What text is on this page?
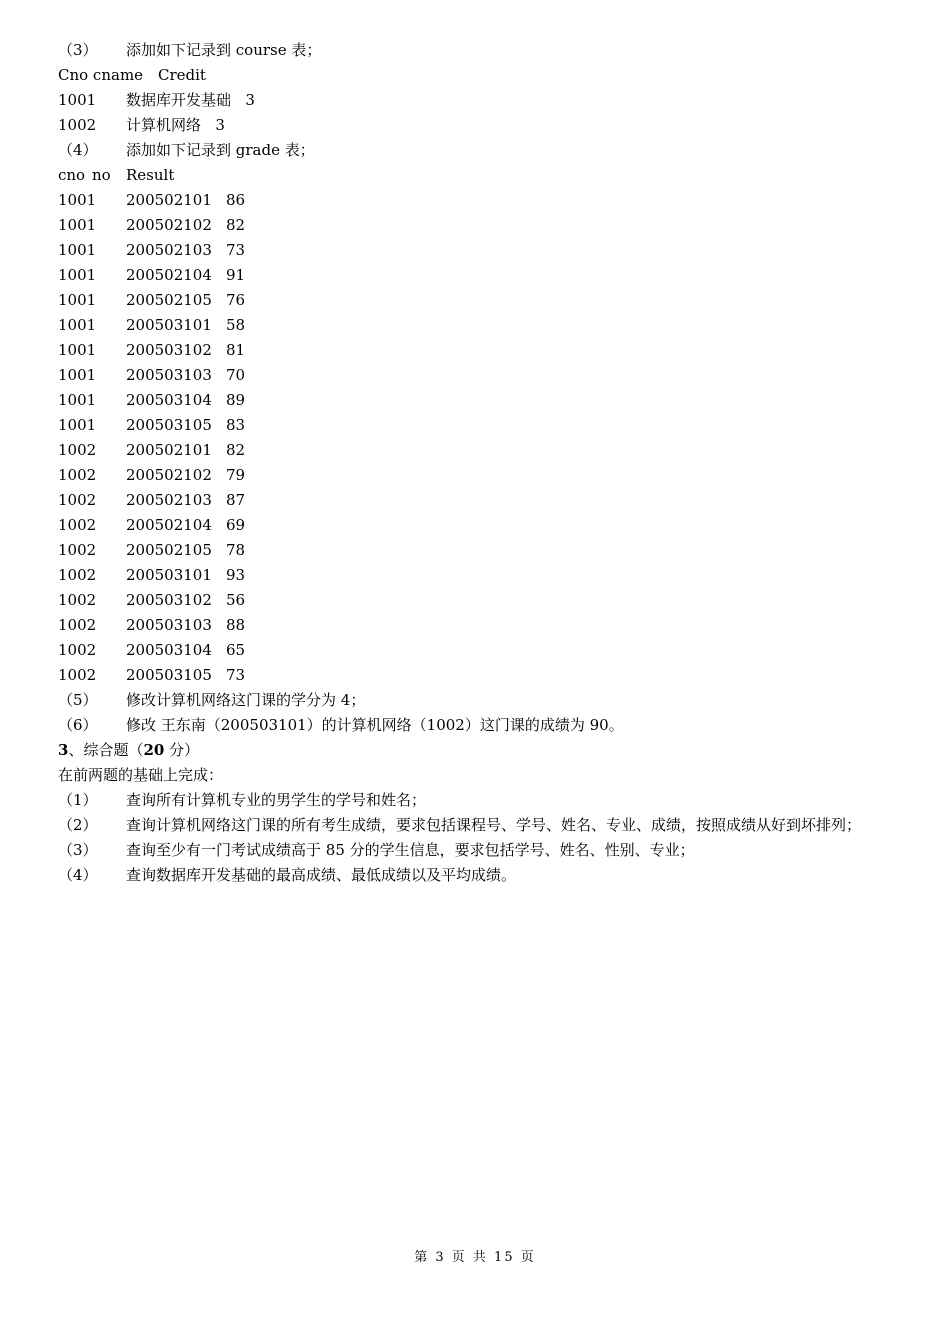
（3） 添加如下记录到 course 表；
Cno cname Credit
1001 数据库开发基础 3
1002 计算机网络 3
（4） 添加如下记录到 grade 表；
cno no Result
1001 200502101 86
1001 200502102 82
1001 200502103 73
1001 200502104 91
1001 200502105 76
1001 200503101 58
1001 200503102 81
1001 200503103 70
1001 200503104 89
1001 200503105 83
1002 200502101 82
1002 200502102 79
1002 200502103 87
1002 200502104 69
1002 200502105 78
1002 200503101 93
1002 200503102 56
1002 200503103 88
1002 200503104 65
1002 200503105 73
（5） 修改计算机网络这门课的学分为 4；
（6） 修改 王东南（200503101）的计算机网络（1002）这门课的成绩为 90。
3、综合题（20 分）
在前两题的基础上完成：
（1） 查询所有计算机专业的男学生的学号和姓名；
（2） 查询计算机网络这门课的所有考生成绩，要求包括课程号、学号、姓名、专业、成绩，按照成绩从好到坏排列；
（3） 查询至少有一门考试成绩高于 85 分的学生信息，要求包括学号、姓名、性别、专业；
（4） 查询数据库开发基础的最高成绩、最低成绩以及平均成绩。
第 3 页 共 15 页
